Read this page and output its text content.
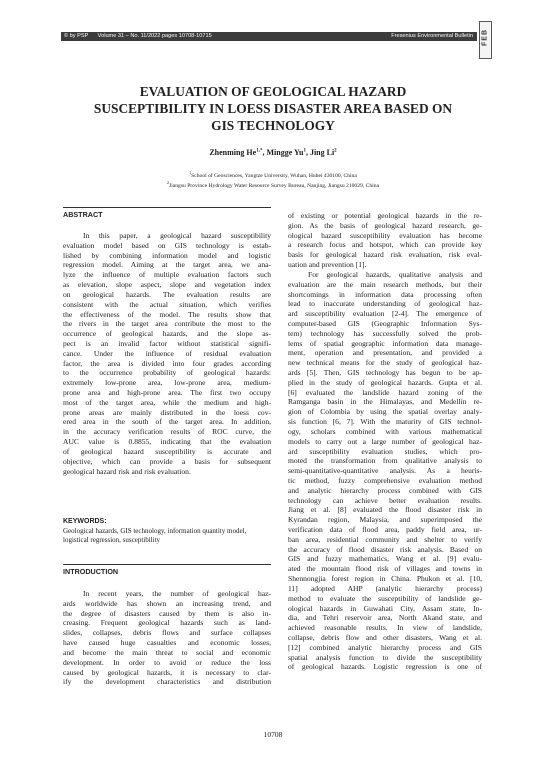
© by PSP Volume 31 – No. 11/2022 pages 10708-10715	Fresenius Environmental Bulletin FEB
EVALUATION OF GEOLOGICAL HAZARD
SUSCEPTIBILITY IN LOESS DISASTER AREA BASED ON
GIS TECHNOLOGY
Zhenming $He^{1,*}$, Mingge Yu$^1$, Jing Li$^2$
$^1$School of Geosciences, Yangtze University, Wuhan, Hubei 430100, China
$^2$Jiangsu Province Hydrology Water Resource Survey Bureau, Nanjing, Jiangsu 210029, China
ABSTRACT
In this paper, a geological hazard susceptibility
evaluation model based on GIS technology is estab-
lished by combining information model and logistic
regression model. Aiming at the target area, we ana-
lyze the influence of multiple evaluation factors such
as elevation, slope aspect, slope and vegetation index
on geological hazards. The evaluation results are
consistent with the actual situation, which verifies
the effectiveness of the model. The results show that
the rivers in the target area contribute the most to the
occurrence of geological hazards, and the slope as-
pect is an invalid factor without statistical signifi-
cance. Under the influence of residual evaluation
factor, the area is divided into four grades according
to the occurrence probability of geological hazards:
extremely low-prone area, low-prone area, medium-
prone area and high-prone area. The first two occupy
most of the target area, while the medium and high-
prone areas are mainly distributed in the loess cov-
ered area in the south of the target area. In addition,
in the accuracy verification results of ROC curve, the
AUC value is 0.8855, indicating that the evaluation
of geological hazard susceptibility is accurate and
objective, which can provide a basis for subsequent
geological hazard risk and risk evaluation.
KEYWORDS:
Geological hazards, GIS technology, information quantity model, logistical regression, susceptibility
INTRODUCTION
In recent years, the number of geological haz-
ards worldwide has shown an increasing trend, and
the degree of disasters caused by them is also in-
creasing. Frequent geological hazards such as land-
slides, collapses, debris flows and surface collapses
have caused huge casualties and economic losses,
and become the main threat to social and economic
development. In order to avoid or reduce the loss
caused by geological hazards, it is necessary to clar-
ify the development characteristics and distribution
of existing or potential geological hazards in the re-
gion. As the basis of geological hazard research, ge-
ological hazard susceptibility evaluation has become
a research focus and hotspot, which can provide key
basis for geological hazard risk evaluation, risk eval-
uation and prevention [1].
For geological hazards, qualitative analysis and
evaluation are the main research methods, but their
shortcomings in information data processing often
lead to inaccurate understanding of geological haz-
ard susceptibility evaluation [2-4]. The emergence of
computer-based GIS (Geographic Information Sys-
tem) technology has successfully solved the prob-
lems of spatial geographic information data manage-
ment, operation and presentation, and provided a
new technical means for the study of geological haz-
ards [5]. Then, GIS technology has begun to be ap-
plied in the study of geological hazards. Gupta et al.
[6] evaluated the landslide hazard zoning of the
Ramganga basin in the Himalayas, and Medellin re-
gion of Colombia by using the spatial overlay analy-
sis function [6, 7]. With the maturity of GIS technol-
ogy, scholars combined with various mathematical
models to carry out a large number of geological haz-
ard susceptibility evaluation studies, which pro-
moted the transformation from qualitative analysis to
semi-quantitative-quantitative analysis. As a heuris-
tic method, fuzzy comprehensive evaluation method
and analytic hierarchy process combined with GIS
technology can achieve better evaluation results.
Jiang et al. [8] evaluated the flood disaster risk in
Kyrandan region, Malaysia, and superimposed the
verification data of flood area, paddy field area, ur-
ban area, residential community and shelter to verify
the accuracy of flood disaster risk analysis. Based on
GIS and fuzzy mathematics, Wang et al. [9] evalu-
ated the mountain flood risk of villages and towns in
Shennongjia forest region in China. Phukon et al. [10,
11] adopted AHP (analytic hierarchy process)
method to evaluate the susceptibility of landslide ge-
ological hazards in Guwahati City, Assam state, In-
dia, and Tehri reservoir area, North Akand state, and
achieved reasonable results. In view of landslide,
collapse, debris flow and other disasters, Wang et al.
[12] combined analytic hierarchy process and GIS
spatial analysis function to divide the susceptibility
of geological hazards. Logistic regression is one of
10708
